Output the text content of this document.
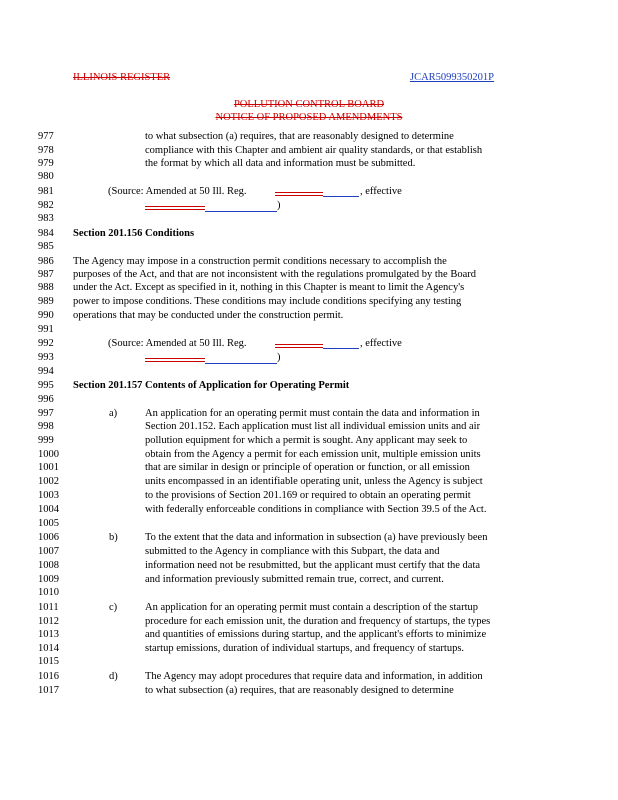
ILLINOIS REGISTER	JCAR5099350201P
POLLUTION CONTROL BOARD
NOTICE OF PROPOSED AMENDMENTS
977
978
979
980
981
982
983
984
985
986
987
988
989
990
991
992
993
994
995
996
997
998
999
1000
1001
1002
1003
1004
1005
1006
1007
1008
1009
1010
1011
1012
1013
1014
1015
1016
1017
to what subsection (a) requires, that are reasonably designed to determine
compliance with this Chapter and ambient air quality standards, or that establish
the format by which all data and information must be submitted.
(Source: Amended at 50 Ill. Reg.	, effective
)
Section 201.156 Conditions
The Agency may impose in a construction permit conditions necessary to accomplish the
purposes of the Act, and that are not inconsistent with the regulations promulgated by the Board
under the Act. Except as specified in it, nothing in this Chapter is meant to limit the Agency's
power to impose conditions. These conditions may include conditions specifying any testing
operations that may be conducted under the construction permit.
(Source: Amended at 50 Ill. Reg.	, effective
)
Section 201.157 Contents of Application for Operating Permit
a)	An application for an operating permit must contain the data and information in
Section 201.152. Each application must list all individual emission units and air
pollution equipment for which a permit is sought. Any applicant may seek to
obtain from the Agency a permit for each emission unit, multiple emission units
that are similar in design or principle of operation or function, or all emission
units encompassed in an identifiable operating unit, unless the Agency is subject
to the provisions of Section 201.169 or required to obtain an operating permit
with federally enforceable conditions in compliance with Section 39.5 of the Act.
b)	To the extent that the data and information in subsection (a) have previously been
submitted to the Agency in compliance with this Subpart, the data and
information need not be resubmitted, but the applicant must certify that the data
and information previously submitted remain true, correct, and current.
c)	An application for an operating permit must contain a description of the startup
procedure for each emission unit, the duration and frequency of startups, the types
and quantities of emissions during startup, and the applicant's efforts to minimize
startup emissions, duration of individual startups, and frequency of startups.
d)	The Agency may adopt procedures that require data and information, in addition
to what subsection (a) requires, that are reasonably designed to determine
